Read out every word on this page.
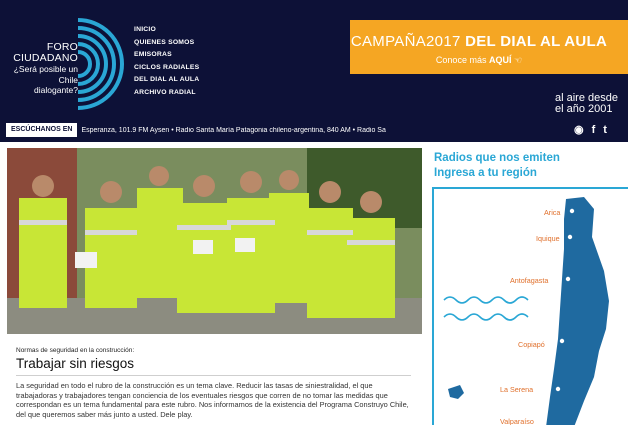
FORO
CIUDADANO
¿Será posible un
Chile
dialogante?
INICIO
QUIENES SOMOS
EMISORAS
CICLOS RADIALES
DEL DIAL AL AULA
ARCHIVO RADIAL
CAMPAÑA2017 DEL DIAL AL AULA
Conoce más AQUÍ ☜
al aire desde
el año 2001
◉ f t
ESCÚCHANOS EN	Esperanza, 101.9 FM Aysen • Radio Santa María Patagonia chileno-argentina, 840 AM • Radio Sa
Normas de seguridad en la construcción:
Trabajar sin riesgos
La seguridad en todo el rubro de la construcción es un tema clave. Reducir las tasas de siniestralidad, el que trabajadoras y trabajadores tengan conciencia de los eventuales riesgos que corren de no tomar las medidas que correspondan es un tema fundamental para este rubro. Nos informamos de la existencia del Programa Construyo Chile, del que queremos saber más junto a usted. Dele play.
Radios que nos emiten
Ingresa a tu región
Arica
Iquique
Antofagasta
Copiapó
La Serena
Valparaíso
